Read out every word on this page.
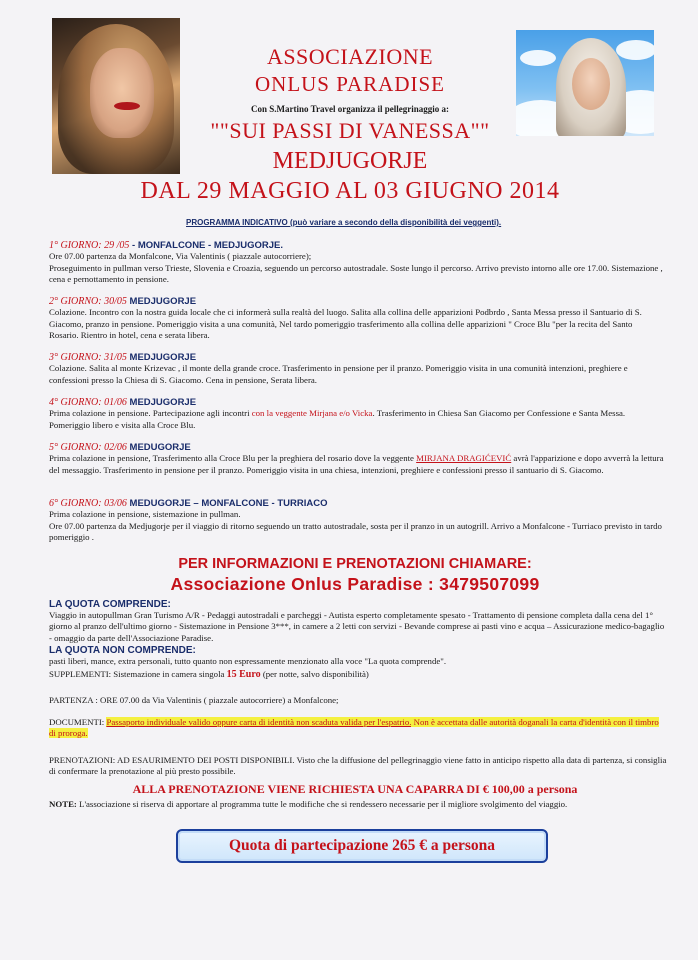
ASSOCIAZIONE
ONLUS PARADISE
Con S.Martino Travel organizza il pellegrinaggio a:
""SUI PASSI DI VANESSA""
MEDJUGORJE
DAL 29 MAGGIO AL 03 GIUGNO 2014
PROGRAMMA INDICATIVO (può variare a secondo della disponibilità dei veggenti).
1° GIORNO: 29 /05 - MONFALCONE - MEDJUGORJE.
Ore 07.00 partenza da Monfalcone, Via Valentinis ( piazzale autocorriere);
Proseguimento in pullman verso Trieste, Slovenia e Croazia, seguendo un percorso autostradale. Soste lungo il percorso. Arrivo previsto intorno alle ore 17.00. Sistemazione , cena e pernottamento in pensione.
2° GIORNO: 30/05 MEDJUGORJE
Colazione. Incontro con la nostra guida locale che ci informerà sulla realtà del luogo. Salita alla collina delle apparizioni Podbrdo , Santa Messa presso il Santuario di S. Giacomo, pranzo in pensione. Pomeriggio visita a una comunità, Nel tardo pomeriggio trasferimento alla collina delle apparizioni " Croce Blu "per la recita del Santo Rosario. Rientro in hotel, cena e serata libera.
3° GIORNO: 31/05 MEDJUGORJE
Colazione. Salita al monte Krizevac , il monte della grande croce. Trasferimento in pensione per il pranzo. Pomeriggio visita in una comunità intenzioni, preghiere e confessioni presso la Chiesa di S. Giacomo. Cena in pensione, Serata libera.
4° GIORNO: 01/06 MEDJUGORJE
Prima colazione in pensione. Partecipazione agli incontri con la veggente Mirjana e/o Vicka. Trasferimento in Chiesa San Giacomo per Confessione e Santa Messa. Pomeriggio libero e visita alla Croce Blu.
5° GIORNO: 02/06 MEDUGORJE
Prima colazione in pensione, Trasferimento alla Croce Blu per la preghiera del rosario dove la veggente MIRJANA DRAGIĆEVIĆ avrà l'apparizione e dopo avverrà la lettura del messaggio. Trasferimento in pensione per il pranzo. Pomeriggio visita in una chiesa, intenzioni, preghiere e confessioni presso il santuario di S. Giacomo.
6° GIORNO: 03/06 MEDUGORJE – MONFALCONE - TURRIACO
Prima colazione in pensione, sistemazione in pullman.
Ore 07.00 partenza da Medjugorje per il viaggio di ritorno seguendo un tratto autostradale, sosta per il pranzo in un autogrill. Arrivo a Monfalcone - Turriaco previsto in tardo pomeriggio .
PER INFORMAZIONI E PRENOTAZIONI CHIAMARE:
Associazione Onlus Paradise : 3479507099
LA QUOTA COMPRENDE:
Viaggio in autopullman Gran Turismo A/R - Pedaggi autostradali e parcheggi - Autista esperto completamente spesato - Trattamento di pensione completa dalla cena del 1° giorno al pranzo dell'ultimo giorno - Sistemazione in Pensione 3***, in camere a 2 letti con servizi - Bevande comprese ai pasti vino e acqua – Assicurazione medico-bagaglio - omaggio da parte dell'Associazione Paradise.
LA QUOTA NON COMPRENDE:
pasti liberi, mance, extra personali, tutto quanto non espressamente menzionato alla voce "La quota comprende".
SUPPLEMENTI: Sistemazione in camera singola 15 Euro (per notte, salvo disponibilità)
PARTENZA : ORE 07.00 da Via Valentinis ( piazzale autocorriere) a Monfalcone;
DOCUMENTI: Passaporto individuale valido oppure carta di identità non scaduta valida per l'espatrio. Non è accettata dalle autorità doganali la carta d'identità con il timbro di proroga.
PRENOTAZIONI: AD ESAURIMENTO DEI POSTI DISPONIBILI. Visto che la diffusione del pellegrinaggio viene fatto in anticipo rispetto alla data di partenza, si consiglia di confermare la prenotazione al più presto possibile.
ALLA PRENOTAZIONE VIENE RICHIESTA UNA CAPARRA DI € 100,00 a persona
NOTE: L'associazione si riserva di apportare al programma tutte le modifiche che si rendessero necessarie per il migliore svolgimento del viaggio.
Quota di partecipazione 265 € a persona
